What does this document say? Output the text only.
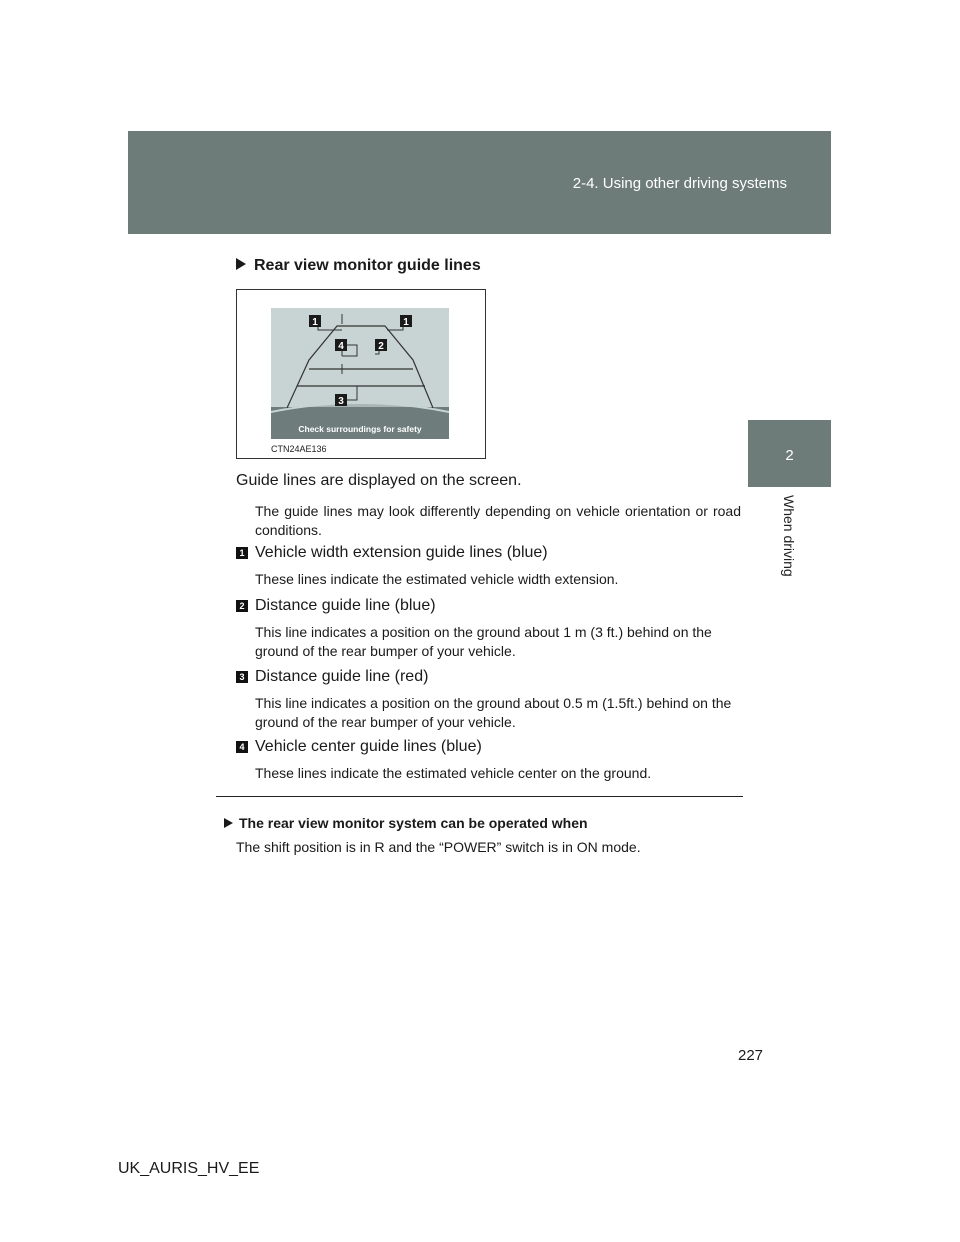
2-4. Using other driving systems
2
When driving
Rear view monitor guide lines
1	1
4	2
3
Check surroundings for safety
CTN24AE136
Guide lines are displayed on the screen.
The guide lines may look differently depending on vehicle orientation or road conditions.
1 Vehicle width extension guide lines (blue)
These lines indicate the estimated vehicle width extension.
2 Distance guide line (blue)
This line indicates a position on the ground about 1 m (3 ft.) behind on the ground of the rear bumper of your vehicle.
3 Distance guide line (red)
This line indicates a position on the ground about 0.5 m (1.5ft.) behind on the ground of the rear bumper of your vehicle.
4 Vehicle center guide lines (blue)
These lines indicate the estimated vehicle center on the ground.
The rear view monitor system can be operated when
The shift position is in R and the “POWER” switch is in ON mode.
227
UK_AURIS_HV_EE
